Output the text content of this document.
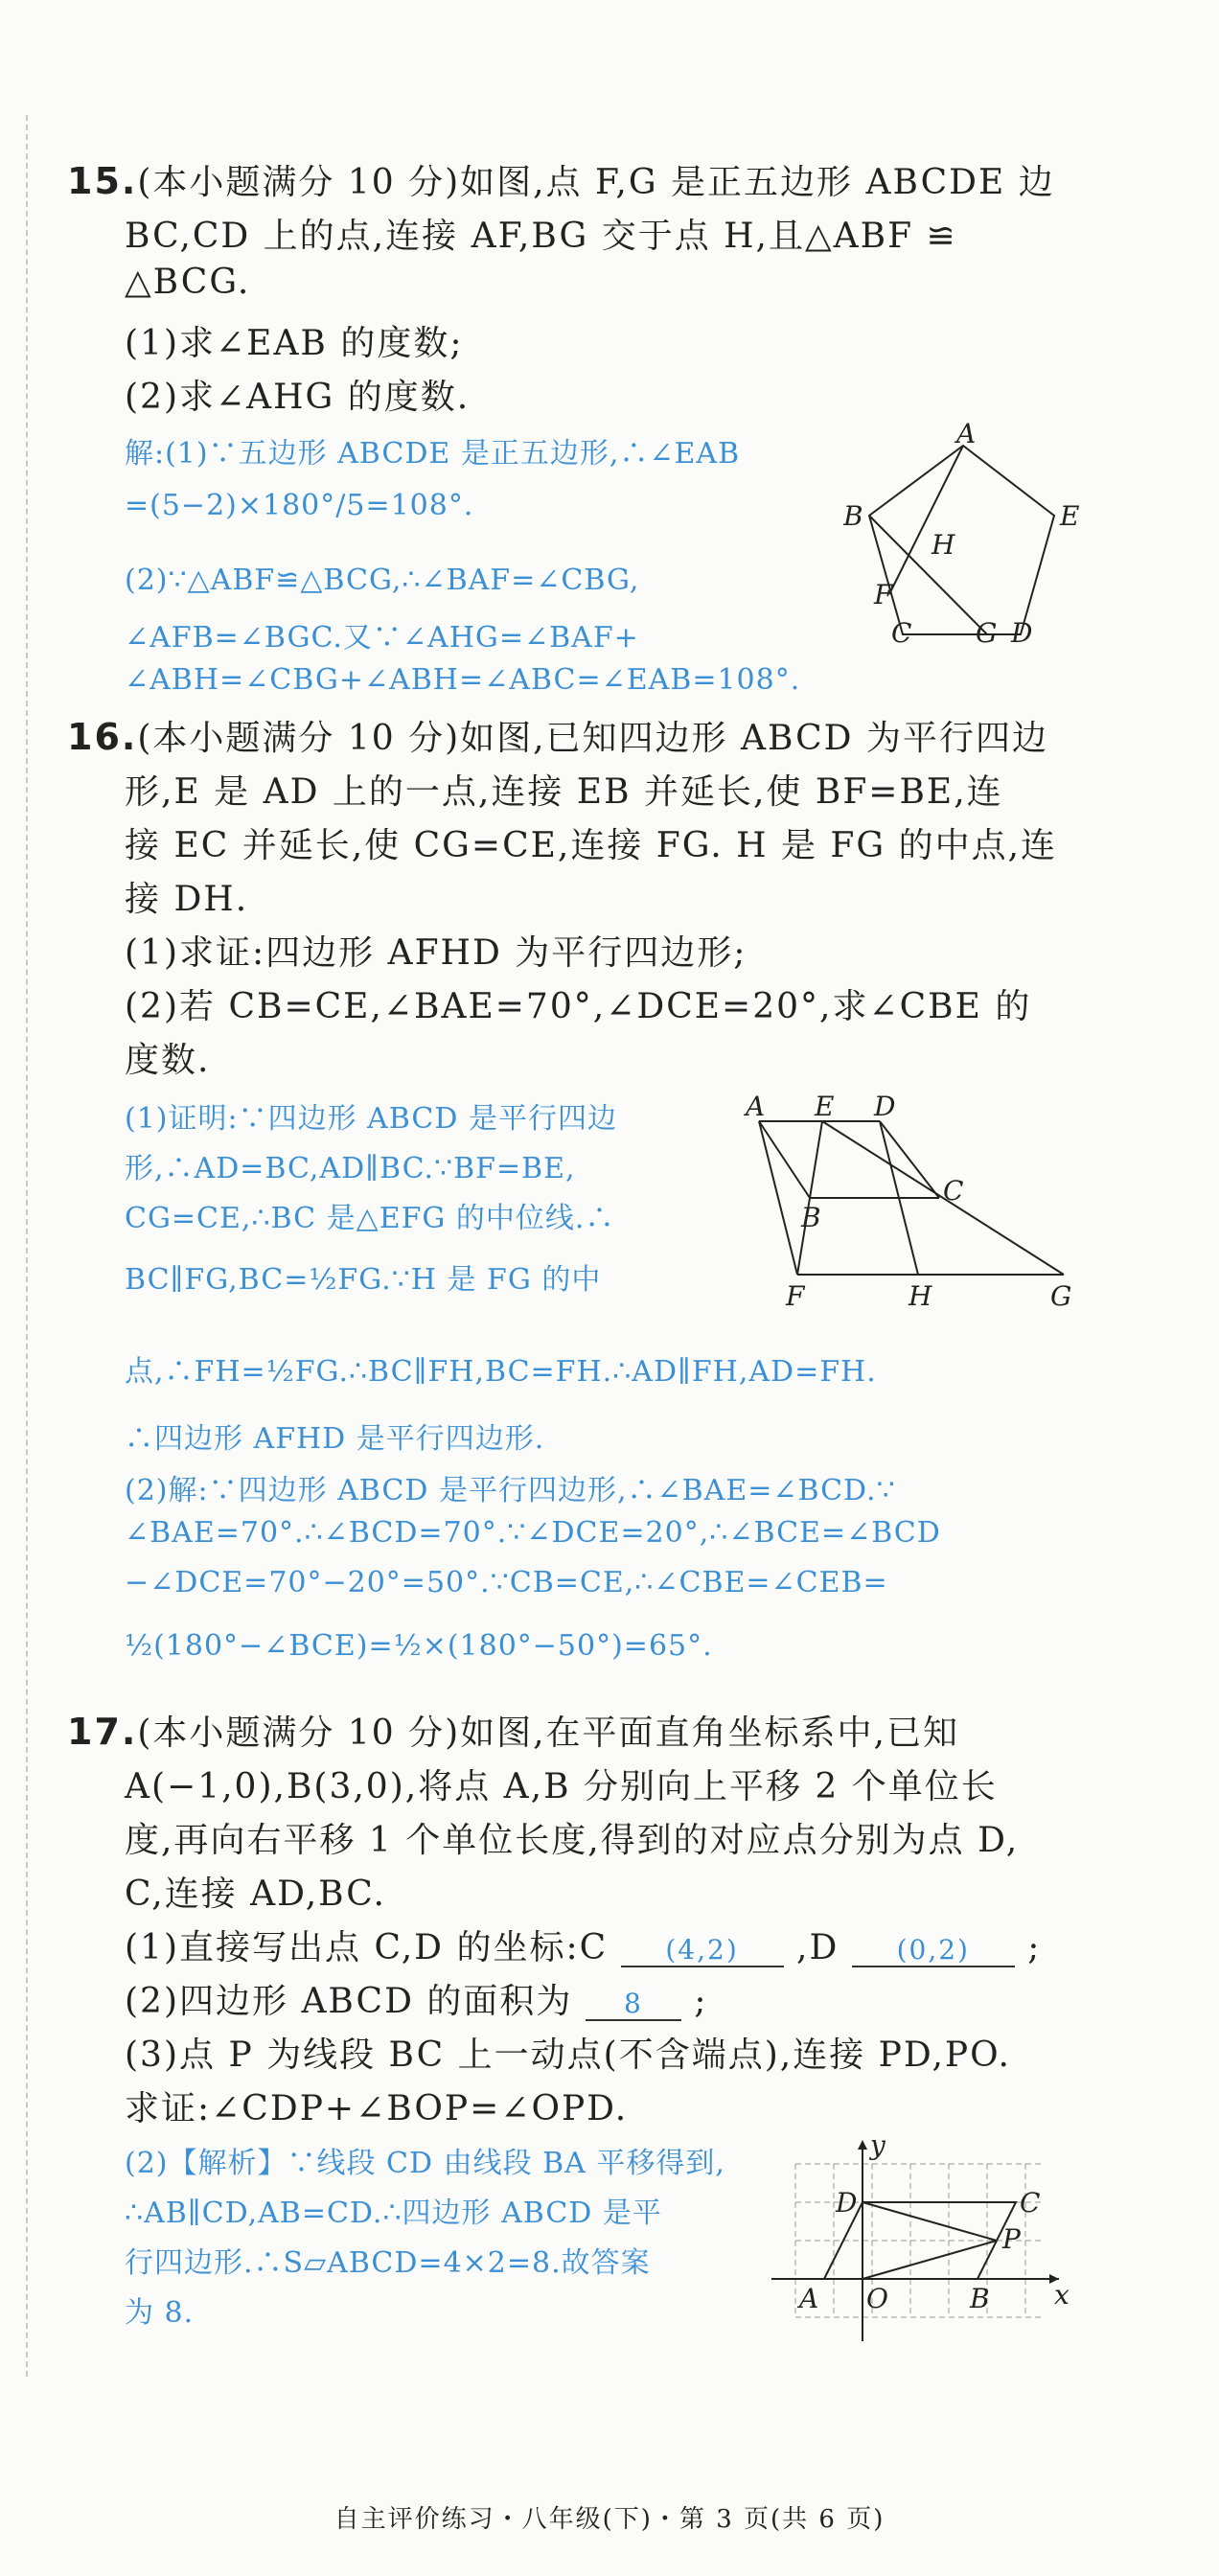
15.(本小题满分 10 分)如图,点 F,G 是正五边形 ABCDE 边
BC,CD 上的点,连接 AF,BG 交于点 H,且△ABF ≌
△BCG.
(1)求∠EAB 的度数;
(2)求∠AHG 的度数.
解:(1)∵五边形 ABCDE 是正五边形,∴∠EAB
=(5−2)×180°/5=108°.
(2)∵△ABF≌△BCG,∴∠BAF=∠CBG,
∠AFB=∠BGC.又∵∠AHG=∠BAF+
∠ABH=∠CBG+∠ABH=∠ABC=∠EAB=108°.
A
B	E
H
F
C G D
16.(本小题满分 10 分)如图,已知四边形 ABCD 为平行四边
形,E 是 AD 上的一点,连接 EB 并延长,使 BF=BE,连
接 EC 并延长,使 CG=CE,连接 FG. H 是 FG 的中点,连
接 DH.
(1)求证:四边形 AFHD 为平行四边形;
(2)若 CB=CE,∠BAE=70°,∠DCE=20°,求∠CBE 的
度数.
(1)证明:∵四边形 ABCD 是平行四边
形,∴AD=BC,AD∥BC.∵BF=BE,
CG=CE,∴BC 是△EFG 的中位线.∴
BC∥FG,BC=½FG.∵H 是 FG 的中
点,∴FH=½FG.∴BC∥FH,BC=FH.∴AD∥FH,AD=FH.
∴四边形 AFHD 是平行四边形.
(2)解:∵四边形 ABCD 是平行四边形,∴∠BAE=∠BCD.∵
∠BAE=70°.∴∠BCD=70°.∵∠DCE=20°,∴∠BCE=∠BCD
−∠DCE=70°−20°=50°.∵CB=CE,∴∠CBE=∠CEB=
½(180°−∠BCE)=½×(180°−50°)=65°.
A E D
C
B
F	H	G
17.(本小题满分 10 分)如图,在平面直角坐标系中,已知
A(−1,0),B(3,0),将点 A,B 分别向上平移 2 个单位长
度,再向右平移 1 个单位长度,得到的对应点分别为点 D,
C,连接 AD,BC.
(1)直接写出点 C,D 的坐标:C (4,2) ,D (0,2) ;
(2)四边形 ABCD 的面积为 8 ;
(3)点 P 为线段 BC 上一动点(不含端点),连接 PD,PO.
求证:∠CDP+∠BOP=∠OPD.
(2)【解析】∵线段 CD 由线段 BA 平移得到,
∴AB∥CD,AB=CD.∴四边形 ABCD 是平
行四边形.∴S▱ABCD=4×2=8.故答案
为 8.
y
D	C
P
A O	B x
自主评价练习・八年级(下)・第 3 页(共 6 页)
